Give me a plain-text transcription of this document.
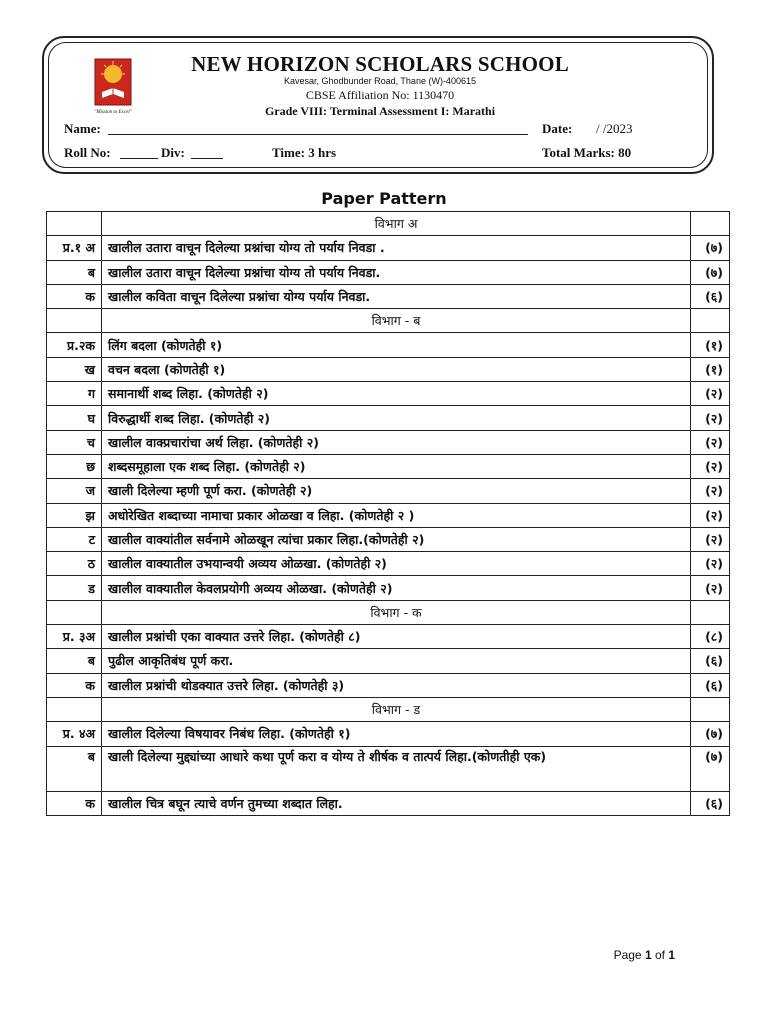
"Mission to Excel"
NEW HORIZON SCHOLARS SCHOOL
Kavesar, Ghodbunder Road, Thane (W)-400615
CBSE Affiliation No: 1130470
Grade VIII: Terminal Assessment I: Marathi
Name:	Date: / /2023
Roll No:	Div:	Time: 3 hrs	Total Marks: 80
Paper Pattern
	विभाग अ	
प्र.१ अ	खालील उतारा वाचून दिलेल्या प्रश्नांचा योग्य तो पर्याय निवडा .	(७)
ब	खालील उतारा वाचून दिलेल्या प्रश्नांचा योग्य तो पर्याय निवडा.	(७)
क	खालील कविता वाचून दिलेल्या प्रश्नांचा योग्य पर्याय निवडा.	(६)
	विभाग - ब	
प्र.२क	लिंग बदला (कोणतेही १)	(१)
ख	वचन बदला (कोणतेही १)	(१)
ग	समानार्थी शब्द लिहा. (कोणतेही २)	(२)
घ	विरुद्धार्थी शब्द लिहा. (कोणतेही २)	(२)
च	खालील वाक्प्रचारांचा अर्थ लिहा. (कोणतेही २)	(२)
छ	शब्दसमूहाला एक शब्द लिहा. (कोणतेही २)	(२)
ज	खाली दिलेल्या म्हणी पूर्ण करा. (कोणतेही २)	(२)
झ	अधोरेखित शब्दाच्या नामाचा प्रकार ओळखा व लिहा. (कोणतेही २ )	(२)
ट	खालील वाक्यांतील सर्वनामे ओळखून त्यांचा प्रकार लिहा.(कोणतेही २)	(२)
ठ	खालील वाक्यातील उभयान्वयी अव्यय ओळखा. (कोणतेही २)	(२)
ड	खालील वाक्यातील केवलप्रयोगी अव्यय ओळखा. (कोणतेही २)	(२)
	विभाग - क	
प्र. ३अ	खालील प्रश्नांची एका वाक्यात उत्तरे लिहा. (कोणतेही ८)	(८)
ब	पुढील आकृतिबंध पूर्ण करा.	(६)
क	खालील प्रश्नांची थोडक्यात उत्तरे लिहा. (कोणतेही ३)	(६)
	विभाग - ड	
प्र. ४अ	खालील दिलेल्या विषयावर निबंध लिहा. (कोणतेही १)	(७)
ब	खाली दिलेल्या मुद्द्यांच्या आधारे कथा पूर्ण करा व योग्य ते शीर्षक व तात्पर्य लिहा.(कोणतीही एक)	(७)
क	खालील चित्र बघून त्याचे वर्णन तुमच्या शब्दात लिहा.	(६)
Page 1 of 1
